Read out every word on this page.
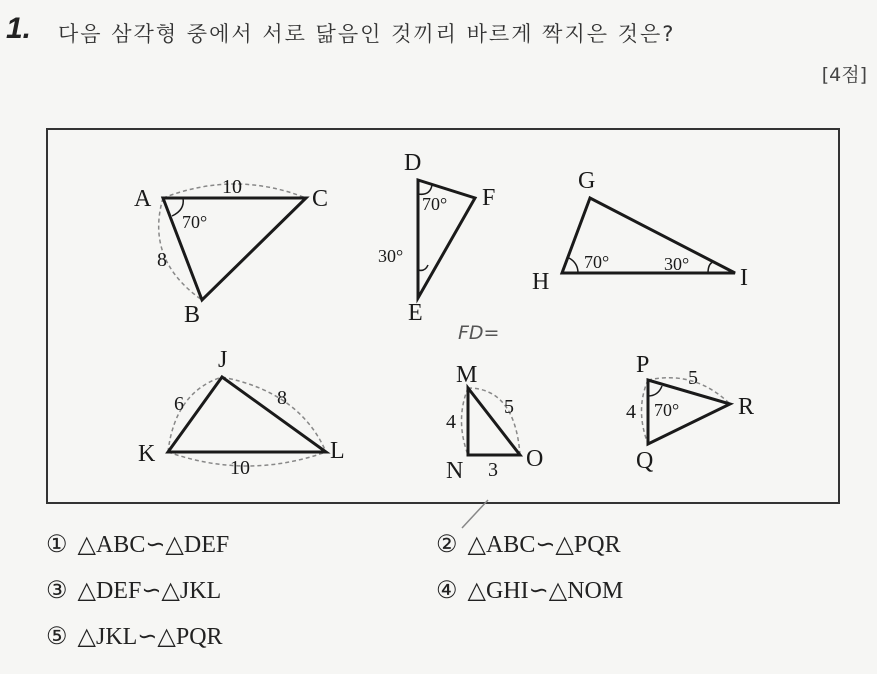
1. 다음 삼각형 중에서 서로 닮음인 것끼리 바르게 짝지은 것은?
[4점]
A	C
B
10
8
70°
D
F
E
70°
30°
G
H	I
70°	30°
J
K	L
6	8
10
M
N	O
4
5
3
P
Q
R
5
4 70°
FD=
① △ABC∽△DEF	② △ABC∽△PQR
③ △DEF∽△JKL	④ △GHI∽△NOM
⑤ △JKL∽△PQR
